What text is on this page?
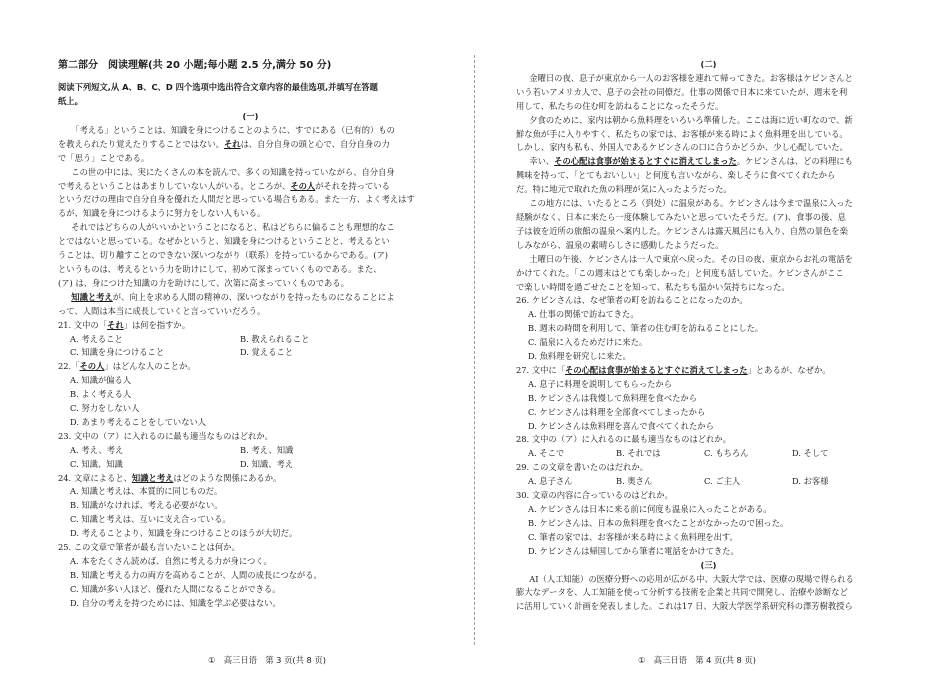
第二部分　阅读理解(共 20 小题;每小题 2.5 分,满分 50 分)
阅读下列短文,从 A、B、C、D 四个选项中选出符合文章内容的最佳选项,并填写在答题
纸上。
(一)
「考える」ということは、知識を身につけることのように、すでにある（已有的）もの
を教えられたり覚えたりすることではない。それは、自分自身の頭と心で、自分自身の力
で「思う」ことである。
この世の中には、実にたくさんの本を読んで、多くの知識を持っていながら、自分自身
で考えるということはあまりしていない人がいる。ところが、その人がそれを持っている
というだけの理由で自分自身を優れた人間だと思っている場合もある。また一方、よく考えはす
るが、知識を身につけるように努力をしない人もいる。
それではどちらの人がいいかということになると、私はどちらに偏ることも理想的なこ
とではないと思っている。なぜかというと、知識を身につけるということと、考えるとい
うことは、切り離すことのできない深いつながり（联系）を持っているからである。(ア)
というものは、考えるという力を助けにして、初めて深まっていくものである。また、
(ア) は、身につけた知識の力を助けにして、次第に高まっていくものである。
知識と考えが、向上を求める人間の精神の、深いつながりを持ったものになることによ
って、人間は本当に成長していくと言っていいだろう。
21. 文中の「それ」は何を指すか。
A. 考えること	B. 教えられること
C. 知識を身につけること	D. 覚えること
22.「その人」はどんな人のことか。
A. 知識が偏る人
B. よく考える人
C. 努力をしない人
D. あまり考えることをしていない人
23. 文中の（ア）に入れるのに最も適当なものはどれか。
A. 考え、考え	B. 考え、知識
C. 知識、知識	D. 知識、考え
24. 文章によると、知識と考えはどのような関係にあるか。
A. 知識と考えは、本質的に同じものだ。
B. 知識がなければ、考える必要がない。
C. 知識と考えは、互いに支え合っている。
D. 考えることより、知識を身につけることのほうが大切だ。
25. この文章で筆者が最も言いたいことは何か。
A. 本をたくさん読めば、自然に考える力が身につく。
B. 知識と考える力の両方を高めることが、人間の成長につながる。
C. 知識が多い人ほど、優れた人間になることができる。
D. 自分の考えを持つためには、知識を学ぶ必要はない。
(二)
金曜日の夜、息子が東京から一人のお客様を連れて帰ってきた。お客様はケビンさんと
いう若いアメリカ人で、息子の会社の同僚だ。仕事の関係で日本に来ていたが、週末を利
用して、私たちの住む町を訪ねることになったそうだ。
夕食のために、家内は朝から魚料理をいろいろ準備した。ここは海に近い町なので、新
鮮な魚が手に入りやすく、私たちの家では、お客様が来る時によく魚料理を出している。
しかし、家内も私も、外国人であるケビンさんの口に合うかどうか、少し心配していた。
幸い、その心配は食事が始まるとすぐに消えてしまった。ケビンさんは、どの料理にも
興味を持って、「とてもおいしい」と何度も言いながら、楽しそうに食べてくれたから
だ。特に地元で取れた魚の料理が気に入ったようだった。
この地方には、いたるところ（到处）に温泉がある。ケビンさんは今まで温泉に入った
経験がなく、日本に来たら一度体験してみたいと思っていたそうだ。(ア)、食事の後、息
子は彼を近所の旅館の温泉へ案内した。ケビンさんは露天風呂にも入り、自然の景色を楽
しみながら、温泉の素晴らしさに感動したようだった。
土曜日の午後、ケビンさんは一人で東京へ戻った。その日の夜、東京からお礼の電話を
かけてくれた。「この週末はとても楽しかった」と何度も話していた。ケビンさんがここ
で楽しい時間を過ごせたことを知って、私たちも温かい気持ちになった。
26. ケビンさんは、なぜ筆者の町を訪ねることになったのか。
A. 仕事の関係で訪ねてきた。
B. 週末の時間を利用して、筆者の住む町を訪ねることにした。
C. 温泉に入るためだけに来た。
D. 魚料理を研究しに来た。
27. 文中に「その心配は食事が始まるとすぐに消えてしまった」とあるが、なぜか。
A. 息子に料理を説明してもらったから
B. ケビンさんは我慢して魚料理を食べたから
C. ケビンさんは料理を全部食べてしまったから
D. ケビンさんは魚料理を喜んで食べてくれたから
28. 文中の（ア）に入れるのに最も適当なものはどれか。
A. そこで	B. それでは	C. もちろん	D. そして
29. この文章を書いたのはだれか。
A. 息子さん	B. 奥さん	C. ご主人	D. お客様
30. 文章の内容に合っているのはどれか。
A. ケビンさんは日本に来る前に何度も温泉に入ったことがある。
B. ケビンさんは、日本の魚料理を食べたことがなかったので困った。
C. 筆者の家では、お客様が来る時によく魚料理を出す。
D. ケビンさんは帰国してから筆者に電話をかけてきた。
(三)
AI（人工知能）の医療分野への応用が広がる中、大阪大学では、医療の現場で得られる
膨大なデータを、人工知能を使って分析する技術を企業と共同で開発し、治療や診断など
に活用していく計画を発表しました。これは17 日、大阪大学医学系研究科の澤芳樹教授ら
①　高三日语　第 3 页(共 8 页)	①　高三日语　第 4 页(共 8 页)
